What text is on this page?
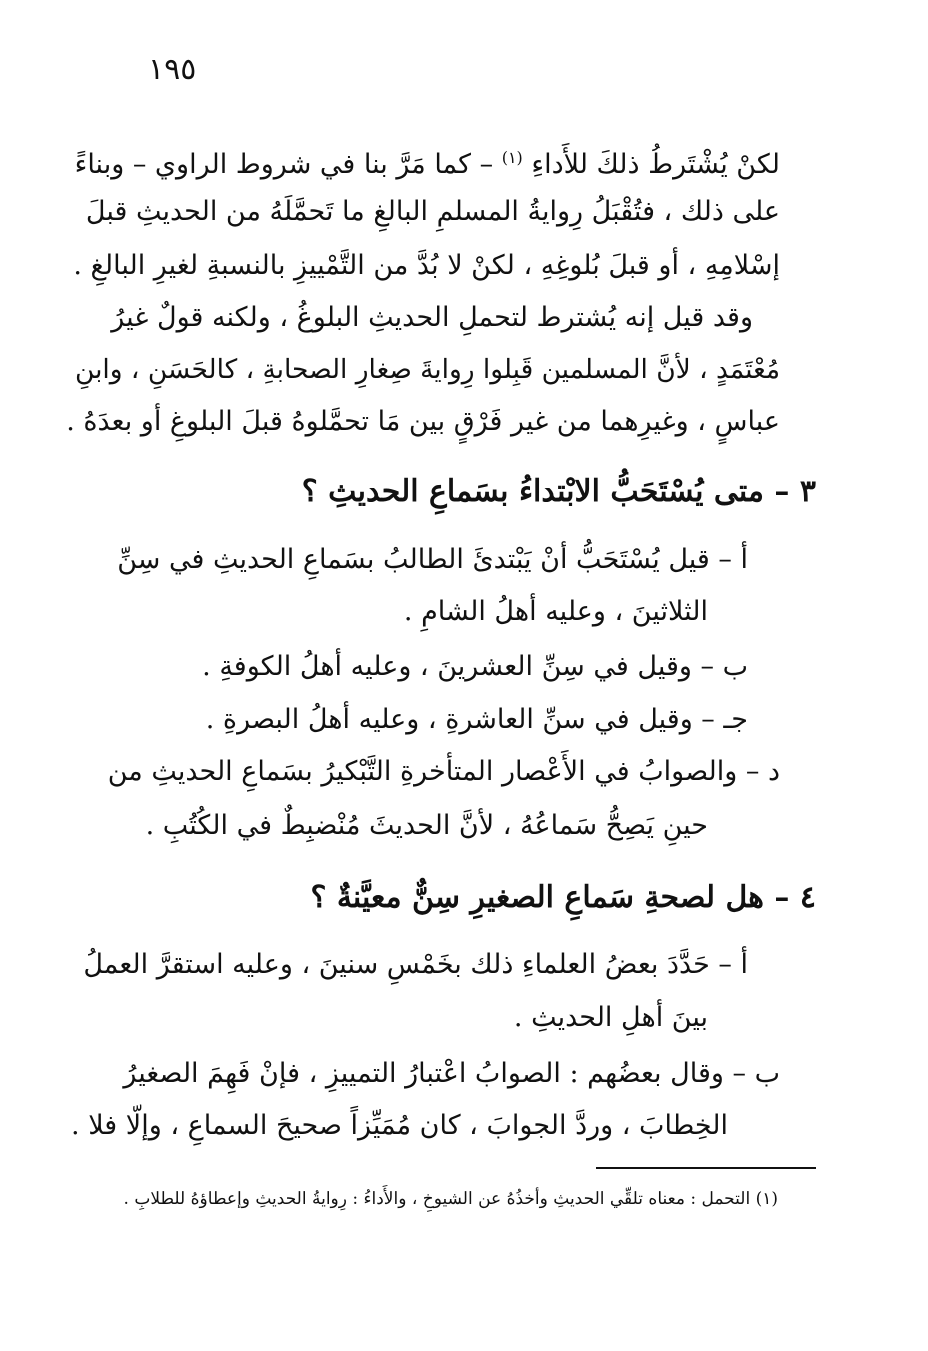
١٩٥
لكنْ يُشْتَرطُ ذلكَ للأَداءِ $^{(١)}$ – كما مَرَّ بنا في شروط الراوي – وبناءً
على ذلك ، فتُقْبَلُ رِوايةُ المسلمِ البالغِ ما تَحمَّلَهُ من الحديثِ قبلَ
إسْلامِهِ ، أو قبلَ بُلوغِهِ ، لكنْ لا بُدَّ من التَّمْييزِ بالنسبةِ لغيرِ البالغِ .
وقد قيل إنه يُشترط لتحملِ الحديثِ البلوغُ ، ولكنه قولٌ غيرُ
مُعْتَمَدٍ ، لأنَّ المسلمين قَبِلوا رِوايةَ صِغارِ الصحابةِ ، كالحَسَنِ ، وابنِ
عباسٍ ، وغيرِهما من غير فَرْقٍ بين مَا تحمَّلوهُ قبلَ البلوغِ أو بعدَهُ .
٣ – متى يُسْتَحَبُّ الابْتداءُ بسَماعِ الحديثِ ؟
أ – قيل يُسْتَحَبُّ أنْ يَبْتدئَ الطالبُ بسَماعِ الحديثِ في سِنِّ
الثلاثينَ ، وعليه أهلُ الشامِ .
ب – وقيل في سِنِّ العشرينَ ، وعليه أهلُ الكوفةِ .
جـ – وقيل في سنِّ العاشرةِ ، وعليه أهلُ البصرةِ .
د – والصوابُ في الأَعْصار المتأخرةِ التَّبْكيرُ بسَماعِ الحديثِ من
حينِ يَصِحُّ سَماعُهُ ، لأنَّ الحديثَ مُنْضبِطٌ في الكُتُبِ .
٤ – هل لصحةِ سَماعِ الصغيرِ سِنٌّ معيَّنةٌ ؟
أ – حَدَّدَ بعضُ العلماءِ ذلك بخَمْسِ سنينَ ، وعليه استقرَّ العملُ
بينَ أهلِ الحديثِ .
ب – وقال بعضُهم : الصوابُ اعْتبارُ التمييزِ ، فإنْ فَهِمَ الصغيرُ
الخِطابَ ، وردَّ الجوابَ ، كان مُمَيِّزاً صحيحَ السماعِ ، وإلّا فلا .
(١) التحمل : معناه تلقِّي الحديثِ وأخذُهُ عن الشيوخِ ، والأَداءُ : رِوايةُ الحديثِ وإعطاؤهُ للطلابِ .
